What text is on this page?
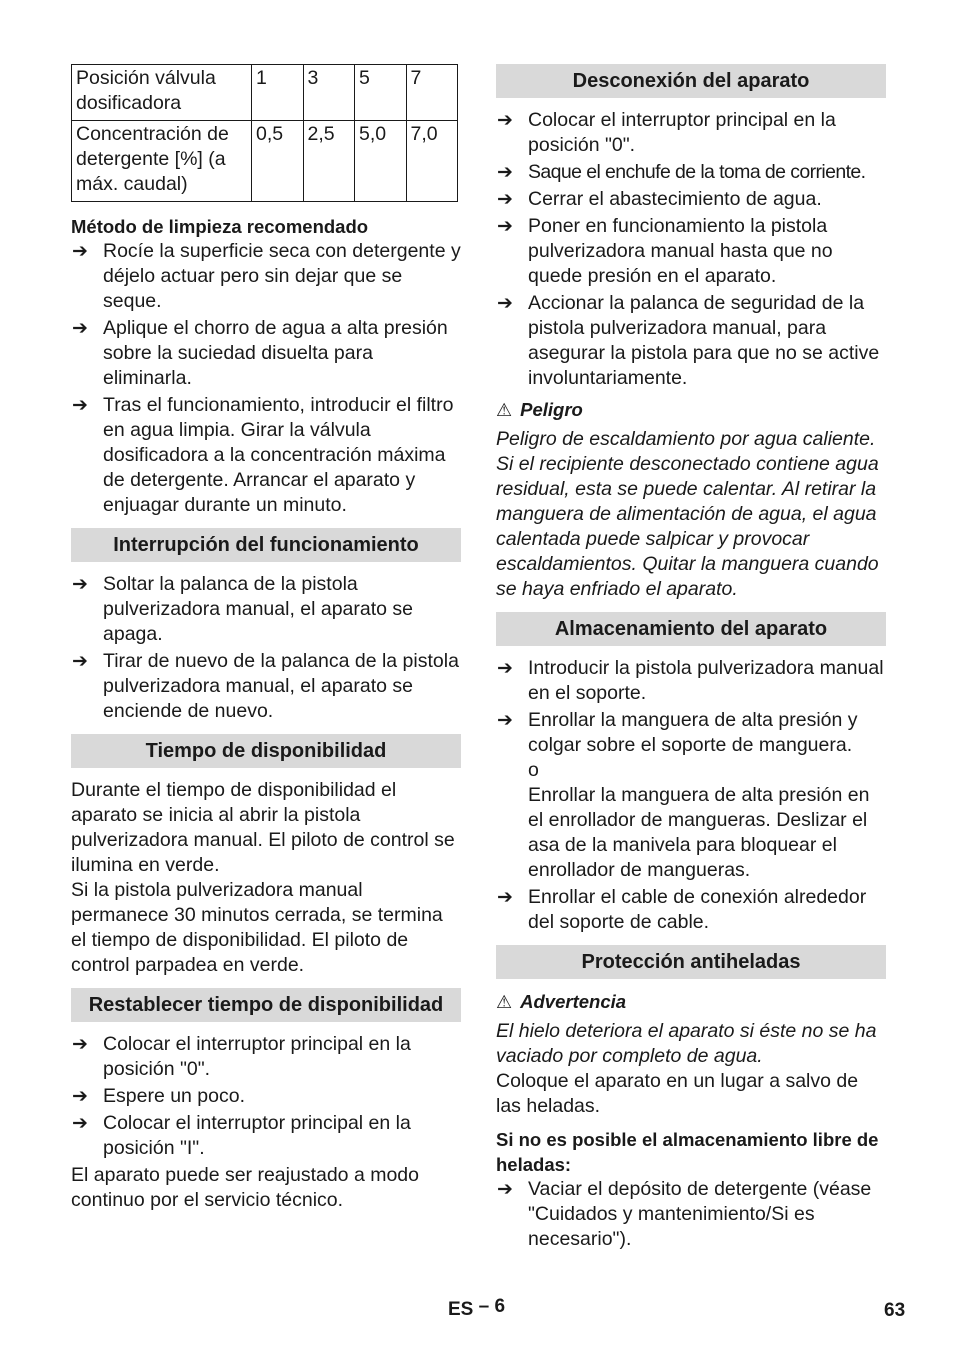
Posición válvula dosificadora	1	3	5	7
Concentración de detergente [%] (a máx. caudal)	0,5	2,5	5,0	7,0

Método de limpieza recomendado

➔ Rocíe la superficie seca con detergente y déjelo actuar pero sin dejar que se seque.
➔ Aplique el chorro de agua a alta presión sobre la suciedad disuelta para eliminarla.
➔ Tras el funcionamiento, introducir el filtro en agua limpia. Girar la válvula dosificadora a la concentración máxima de detergente. Arrancar el aparato y enjuagar durante un minuto.
Interrupción del funcionamiento
➔ Soltar la palanca de la pistola pulverizadora manual, el aparato se apaga.
➔ Tirar de nuevo de la palanca de la pistola pulverizadora manual, el aparato se enciende de nuevo.
Tiempo de disponibilidad

Durante el tiempo de disponibilidad el aparato se inicia al abrir la pistola pulverizadora manual. El piloto de control se ilumina en verde.

Si la pistola pulverizadora manual permanece 30 minutos cerrada, se termina el tiempo de disponibilidad. El piloto de control parpadea en verde.

Restablecer tiempo de disponibilidad
➔ Colocar el interruptor principal en la posición "0".
➔ Espere un poco.
➔ Colocar el interruptor principal en la posición "I".

El aparato puede ser reajustado a modo continuo por el servicio técnico.

Desconexión del aparato
➔ Colocar el interruptor principal en la posición "0".
➔ Saque el enchufe de la toma de corriente.
➔ Cerrar el abastecimiento de agua.
➔ Poner en funcionamiento la pistola pulverizadora manual hasta que no quede presión en el aparato.
➔ Accionar la palanca de seguridad de la pistola pulverizadora manual, para asegurar la pistola para que no se active involuntariamente.
⚠ Peligro

Peligro de escaldamiento por agua caliente. Si el recipiente desconectado contiene agua residual, esta se puede calentar. Al retirar la manguera de alimentación de agua, el agua calentada puede salpicar y provocar escaldamientos. Quitar la manguera cuando se haya enfriado el aparato.

Almacenamiento del aparato
➔ Introducir la pistola pulverizadora manual en el soporte.
➔ Enrollar la manguera de alta presión y colgar sobre el soporte de manguera.
o
Enrollar la manguera de alta presión en el enrollador de mangueras. Deslizar el asa de la manivela para bloquear el enrollador de mangueras.
➔ Enrollar el cable de conexión alrededor del soporte de cable.
Protección antiheladas
⚠ Advertencia

El hielo deteriora el aparato si éste no se ha vaciado por completo de agua.

Coloque el aparato en un lugar a salvo de las heladas.

Si no es posible el almacenamiento libre de heladas:

➔ Vaciar el depósito de detergente (véase "Cuidados y mantenimiento/Si es necesario").
ES – 6	63
